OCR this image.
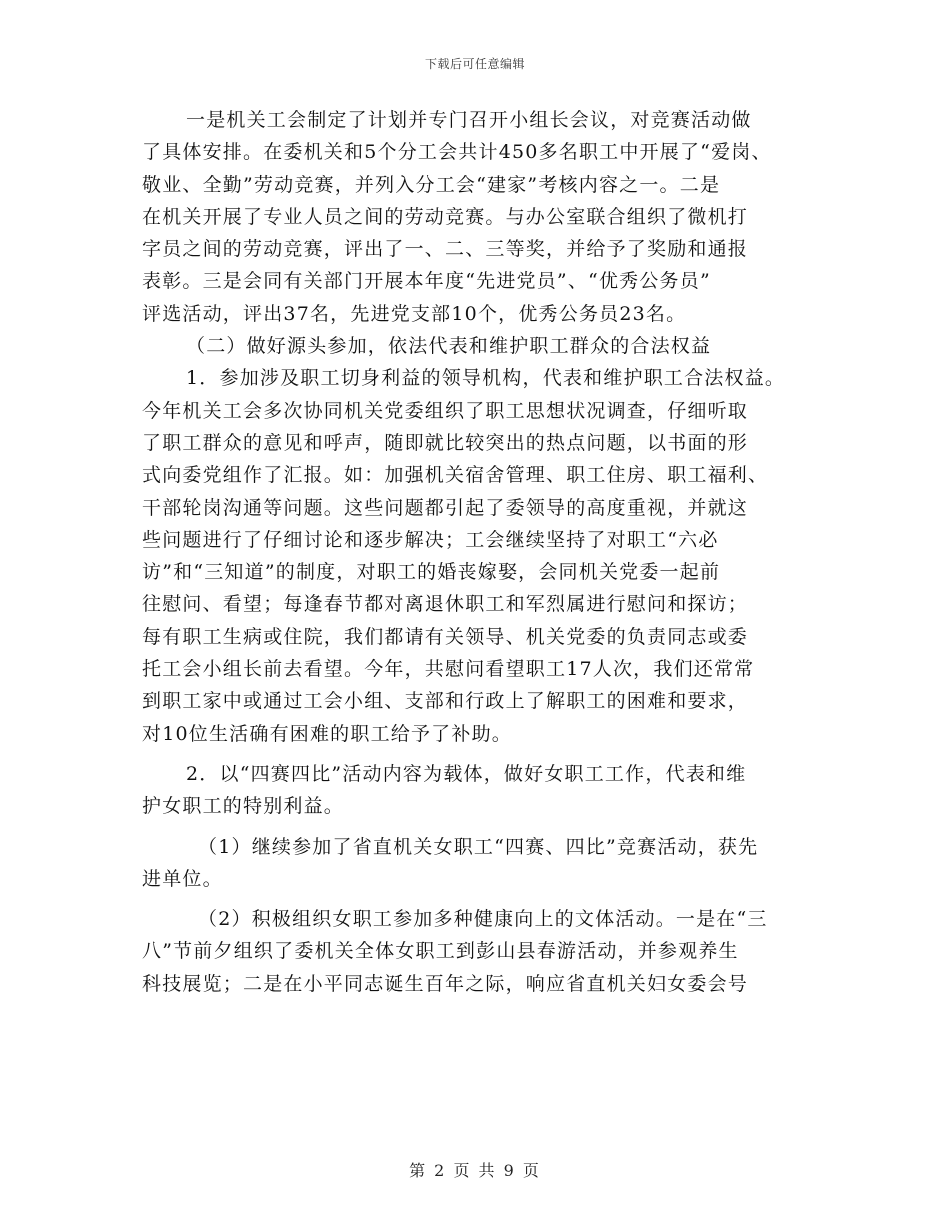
下载后可任意编辑
一是机关工会制定了计划并专门召开小组长会议，对竞赛活动做
了具体安排。在委机关和5个分工会共计450多名职工中开展了“爱岗、
敬业、全勤”劳动竞赛，并列入分工会“建家”考核内容之一。二是
在机关开展了专业人员之间的劳动竞赛。与办公室联合组织了微机打
字员之间的劳动竞赛，评出了一、二、三等奖，并给予了奖励和通报
表彰。三是会同有关部门开展本年度“先进党员”、“优秀公务员”
评选活动，评出37名，先进党支部10个，优秀公务员23名。
（二）做好源头参加，依法代表和维护职工群众的合法权益
1．参加涉及职工切身利益的领导机构，代表和维护职工合法权益。
今年机关工会多次协同机关党委组织了职工思想状况调查，仔细听取
了职工群众的意见和呼声，随即就比较突出的热点问题，以书面的形
式向委党组作了汇报。如：加强机关宿舍管理、职工住房、职工福利、
干部轮岗沟通等问题。这些问题都引起了委领导的高度重视，并就这
些问题进行了仔细讨论和逐步解决；工会继续坚持了对职工“六必
访”和“三知道”的制度，对职工的婚丧嫁娶，会同机关党委一起前
往慰问、看望；每逢春节都对离退休职工和军烈属进行慰问和探访；
每有职工生病或住院，我们都请有关领导、机关党委的负责同志或委
托工会小组长前去看望。今年，共慰问看望职工17人次，我们还常常
到职工家中或通过工会小组、支部和行政上了解职工的困难和要求，
对10位生活确有困难的职工给予了补助。
2．以“四赛四比”活动内容为载体，做好女职工工作，代表和维
护女职工的特别利益。
（1）继续参加了省直机关女职工“四赛、四比”竞赛活动，获先
进单位。
（2）积极组织女职工参加多种健康向上的文体活动。一是在“三
八”节前夕组织了委机关全体女职工到彭山县春游活动，并参观养生
科技展览；二是在小平同志诞生百年之际，响应省直机关妇女委会号
第 2 页 共 9 页
